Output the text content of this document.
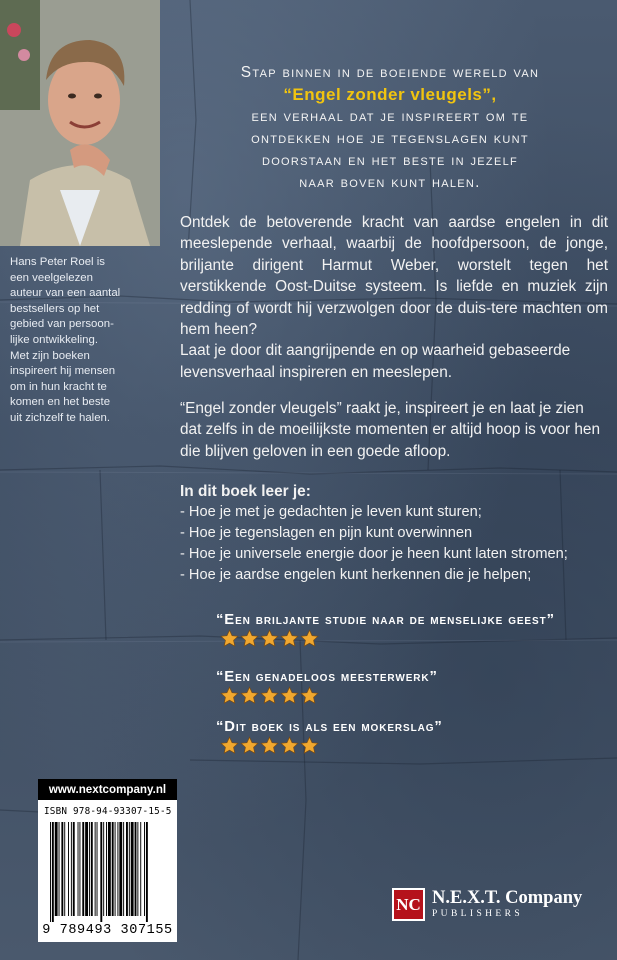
Hans Peter Roel is
een veelgelezen
auteur van een aantal
bestsellers op het
gebied van persoon-
lijke ontwikkeling.
Met zijn boeken
inspireert hij mensen
om in hun kracht te
komen en het beste
uit zichzelf te halen.
Stap binnen in de boeiende wereld van
“Engel zonder vleugels”,
een verhaal dat je inspireert om te
ontdekken hoe je tegenslagen kunt
doorstaan en het beste in jezelf
naar boven kunt halen.
Ontdek de betoverende kracht van aardse engelen in dit meeslepende verhaal, waarbij de hoofdpersoon, de jonge, briljante dirigent Harmut Weber, worstelt tegen het verstikkende Oost-Duitse systeem. Is liefde en muziek zijn redding of wordt hij verzwolgen door de duis-tere machten om hem heen?
Laat je door dit aangrijpende en op waarheid gebaseerde levensverhaal inspireren en meeslepen.
“Engel zonder vleugels” raakt je, inspireert je en laat je zien dat zelfs in de moeilijkste momenten er altijd hoop is voor hen die blijven geloven in een goede afloop.
In dit boek leer je:
- Hoe je met je gedachten je leven kunt sturen;
- Hoe je tegenslagen en pijn kunt overwinnen
- Hoe je universele energie door je heen kunt laten stromen;
- Hoe je aardse engelen kunt herkennen die je helpen;
“Een briljante studie naar de menselijke geest”
“Een genadeloos meesterwerk”
“Dit boek is als een mokerslag”
www.nextcompany.nl
ISBN 978-94-93307-15-5
9 789493 307155
NC N.E.X.T. Company
PUBLISHERS
